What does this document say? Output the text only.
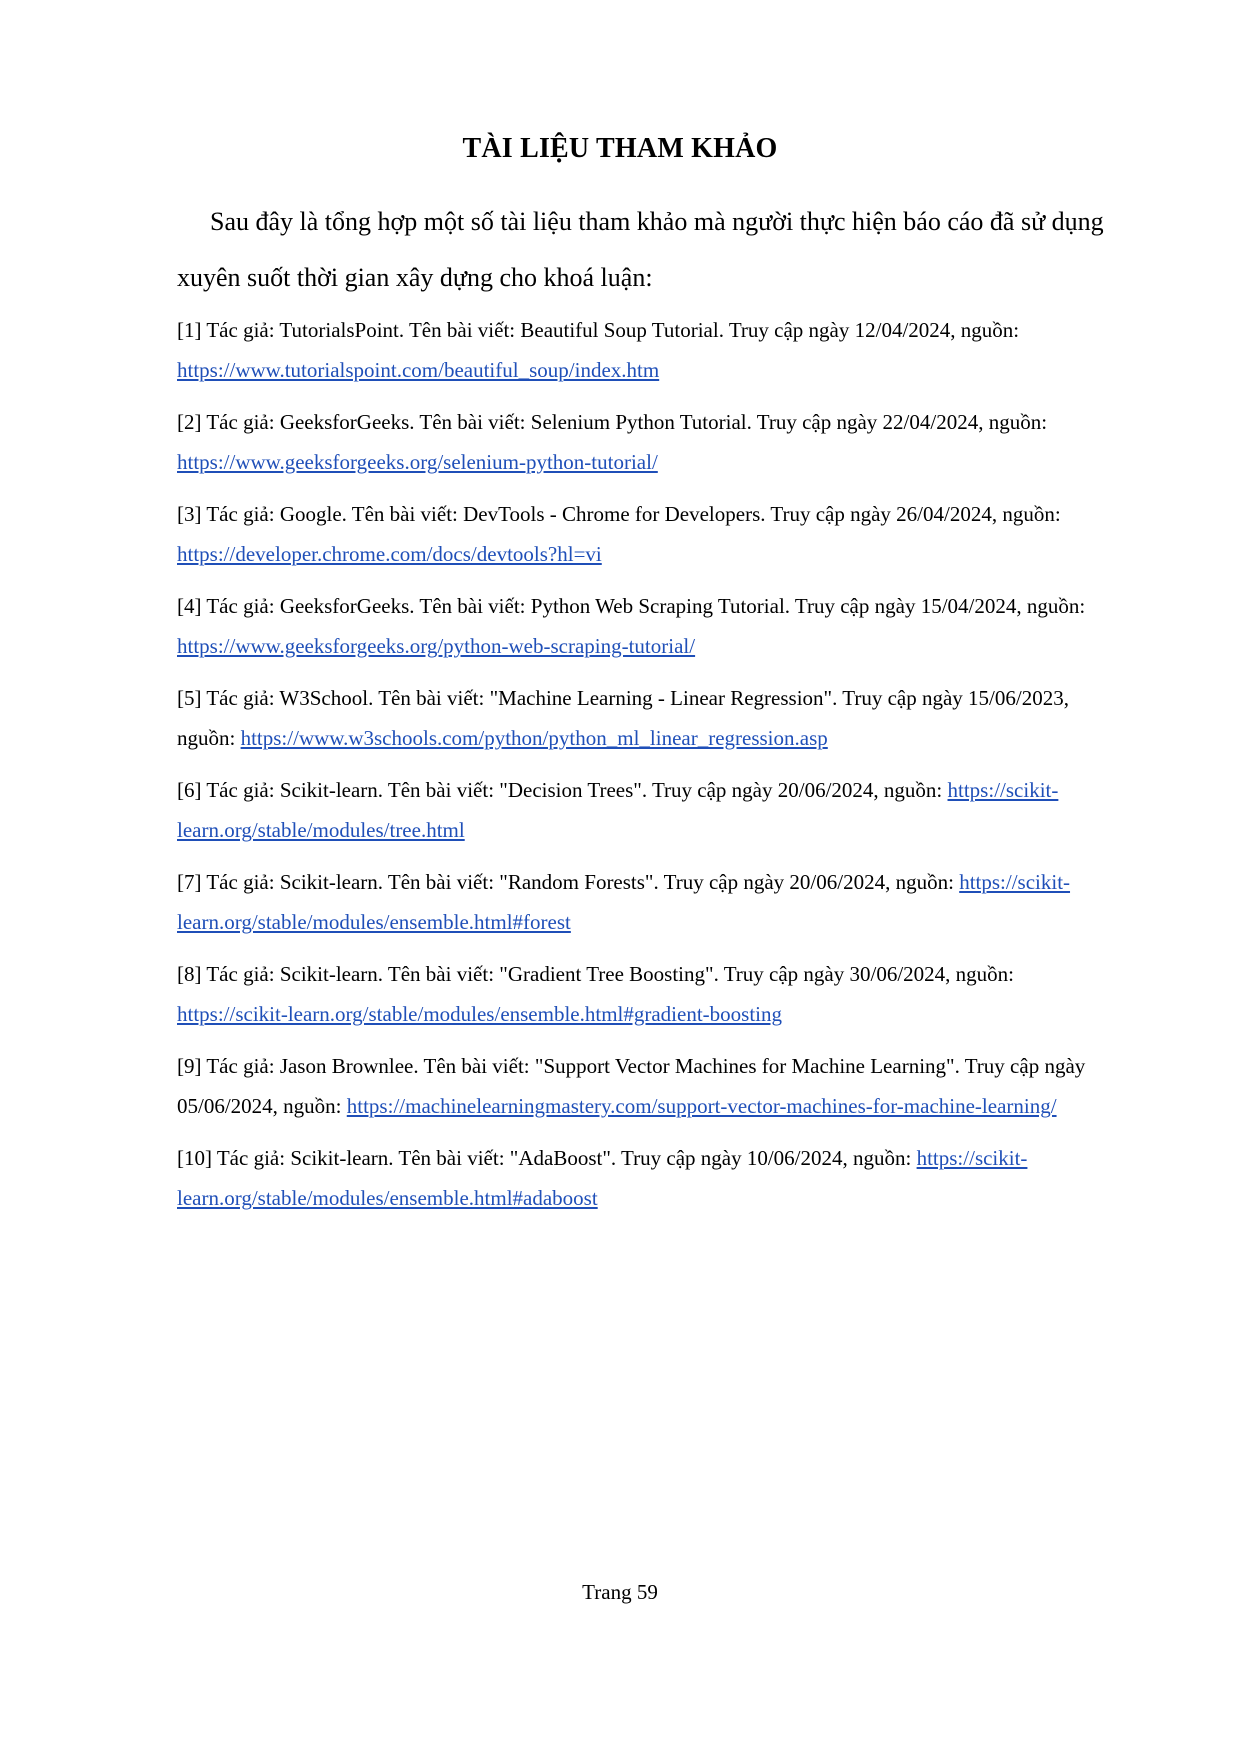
TÀI LIỆU THAM KHẢO
Sau đây là tổng hợp một số tài liệu tham khảo mà người thực hiện báo cáo đã sử dụng xuyên suốt thời gian xây dựng cho khoá luận:

[1] Tác giả: TutorialsPoint. Tên bài viết: Beautiful Soup Tutorial. Truy cập ngày 12/04/2024, nguồn: https://www.tutorialspoint.com/beautiful_soup/index.htm

[2] Tác giả: GeeksforGeeks. Tên bài viết: Selenium Python Tutorial. Truy cập ngày 22/04/2024, nguồn: https://www.geeksforgeeks.org/selenium-python-tutorial/

[3] Tác giả: Google. Tên bài viết: DevTools - Chrome for Developers. Truy cập ngày 26/04/2024, nguồn: https://developer.chrome.com/docs/devtools?hl=vi

[4] Tác giả: GeeksforGeeks. Tên bài viết: Python Web Scraping Tutorial. Truy cập ngày 15/04/2024, nguồn: https://www.geeksforgeeks.org/python-web-scraping-tutorial/

[5] Tác giả: W3School. Tên bài viết: "Machine Learning - Linear Regression". Truy cập ngày 15/06/2023, nguồn: https://www.w3schools.com/python/python_ml_linear_regression.asp

[6] Tác giả: Scikit-learn. Tên bài viết: "Decision Trees". Truy cập ngày 20/06/2024, nguồn: https://scikit-learn.org/stable/modules/tree.html

[7] Tác giả: Scikit-learn. Tên bài viết: "Random Forests". Truy cập ngày 20/06/2024, nguồn: https://scikit-learn.org/stable/modules/ensemble.html#forest

[8] Tác giả: Scikit-learn. Tên bài viết: "Gradient Tree Boosting". Truy cập ngày 30/06/2024, nguồn: https://scikit-learn.org/stable/modules/ensemble.html#gradient-boosting

[9] Tác giả: Jason Brownlee. Tên bài viết: "Support Vector Machines for Machine Learning". Truy cập ngày 05/06/2024, nguồn: https://machinelearningmastery.com/support-vector-machines-for-machine-learning/

[10] Tác giả: Scikit-learn. Tên bài viết: "AdaBoost". Truy cập ngày 10/06/2024, nguồn: https://scikit-learn.org/stable/modules/ensemble.html#adaboost

Trang 59
